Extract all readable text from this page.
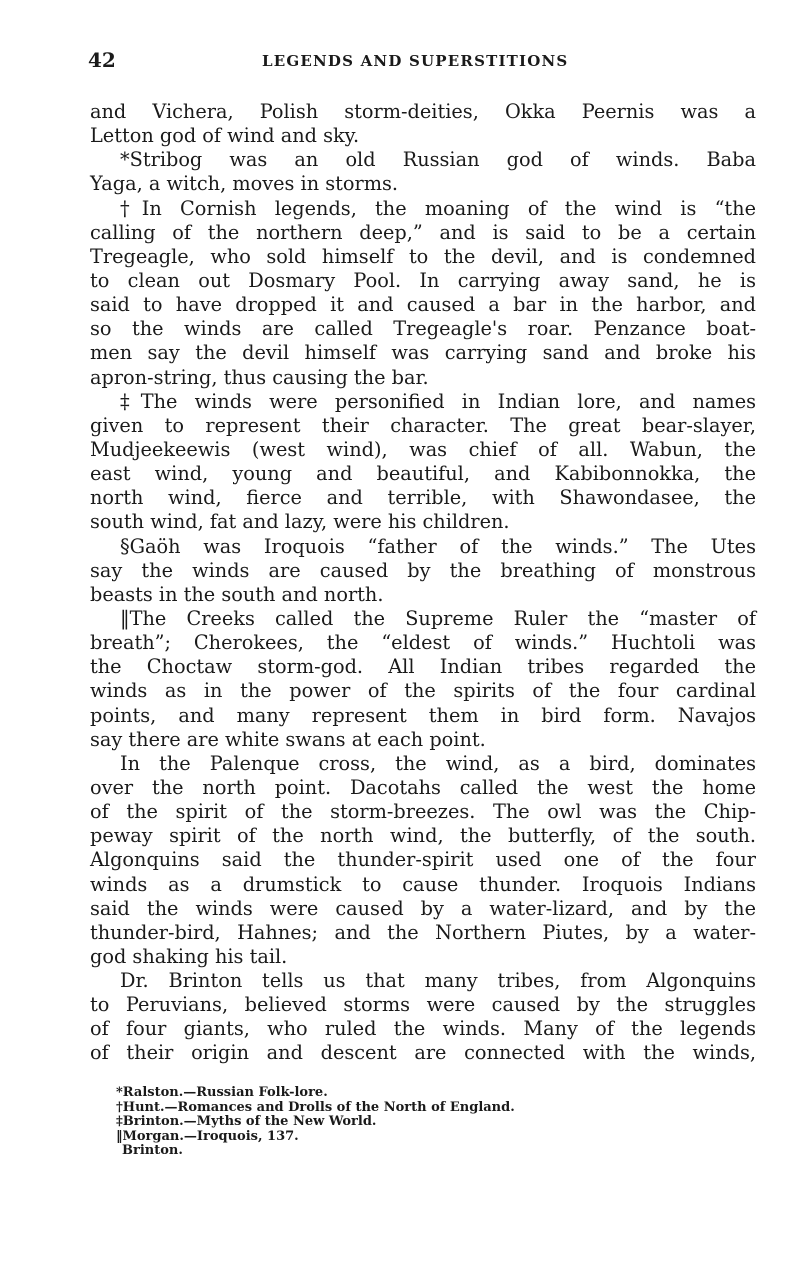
42	LEGENDS AND SUPERSTITIONS
and Vichera, Polish storm-deities, Okka Peernis was a
Letton god of wind and sky.
*Stribog was an old Russian god of winds. Baba
Yaga, a witch, moves in storms.
†In Cornish legends, the moaning of the wind is “the
calling of the northern deep,” and is said to be a certain
Tregeagle, who sold himself to the devil, and is condemned
to clean out Dosmary Pool. In carrying away sand, he is
said to have dropped it and caused a bar in the harbor, and
so the winds are called Tregeagle's roar. Penzance boat-
men say the devil himself was carrying sand and broke his
apron-string, thus causing the bar.
‡The winds were personified in Indian lore, and names
given to represent their character. The great bear-slayer,
Mudjeekeewis (west wind), was chief of all. Wabun, the
east wind, young and beautiful, and Kabibonnokka, the
north wind, fierce and terrible, with Shawondasee, the
south wind, fat and lazy, were his children.
§Gaöh was Iroquois “father of the winds.” The Utes
say the winds are caused by the breathing of monstrous
beasts in the south and north.
‖The Creeks called the Supreme Ruler the “master of
breath”; Cherokees, the “eldest of winds.” Huchtoli was
the Choctaw storm-god. All Indian tribes regarded the
winds as in the power of the spirits of the four cardinal
points, and many represent them in bird form. Navajos
say there are white swans at each point.
In the Palenque cross, the wind, as a bird, dominates
over the north point. Dacotahs called the west the home
of the spirit of the storm-breezes. The owl was the Chip-
peway spirit of the north wind, the butterfly, of the south.
Algonquins said the thunder-spirit used one of the four
winds as a drumstick to cause thunder. Iroquois Indians
said the winds were caused by a water-lizard, and by the
thunder-bird, Hahnes; and the Northern Piutes, by a water-
god shaking his tail.
Dr. Brinton tells us that many tribes, from Algonquins
to Peruvians, believed storms were caused by the struggles
of four giants, who ruled the winds. Many of the legends
of their origin and descent are connected with the winds,
*Ralston.—Russian Folk-lore.
†Hunt.—Romances and Drolls of the North of England.
‡Brinton.—Myths of the New World.
‖Morgan.—Iroquois, 137.
Brinton.
